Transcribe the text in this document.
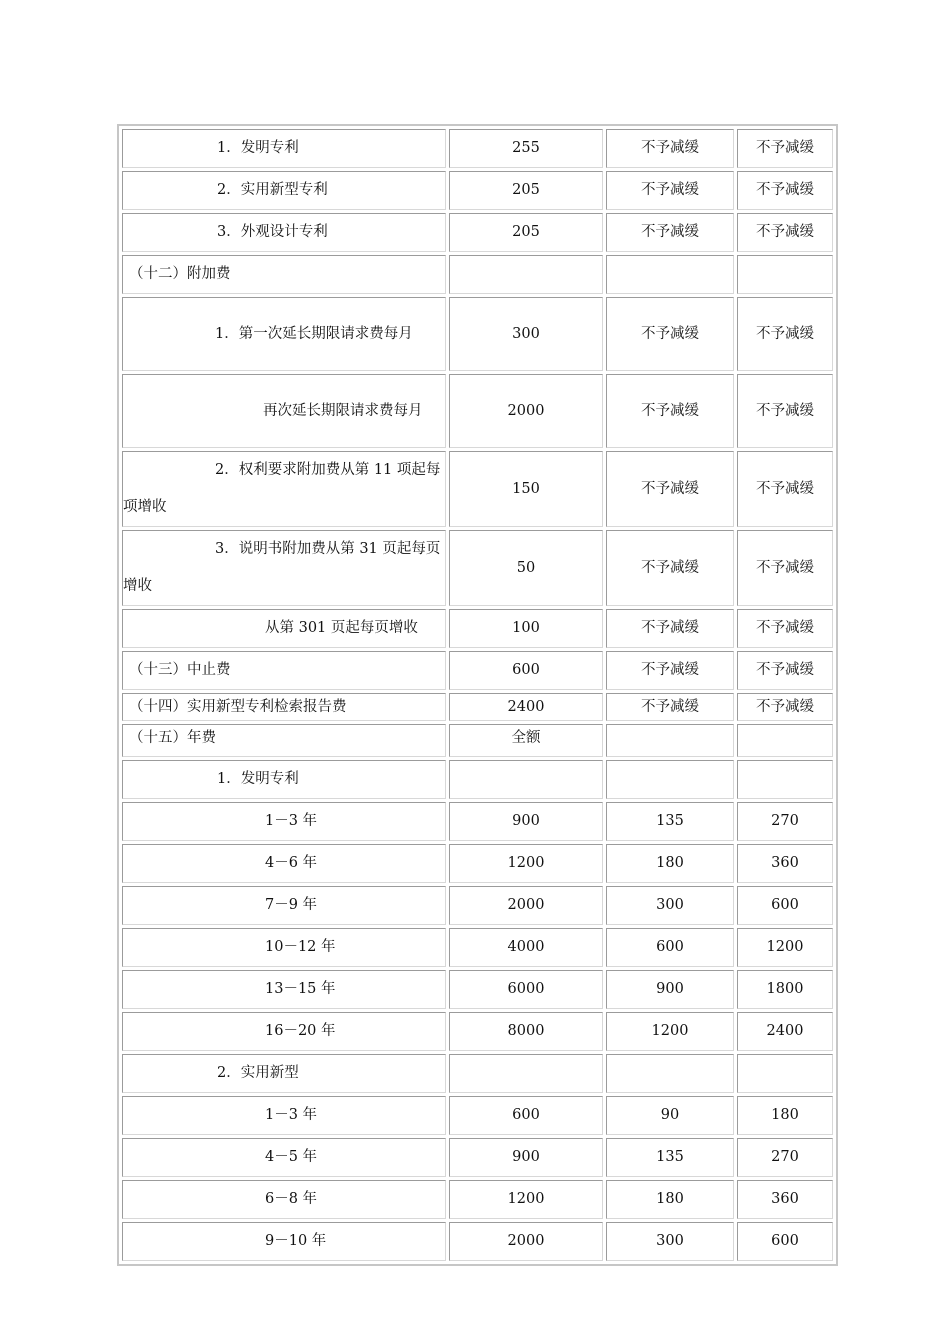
1．发明专利	255	不予减缓	不予减缓
2．实用新型专利	205	不予减缓	不予减缓
3．外观设计专利	205	不予减缓	不予减缓
（十二）附加费			
1．第一次延长期限请求费每月	300	不予减缓	不予减缓
再次延长期限请求费每月	2000	不予减缓	不予减缓
2．权利要求附加费从第 11 项起每项增收	150	不予减缓	不予减缓
3．说明书附加费从第 31 页起每页增收	50	不予减缓	不予减缓
从第 301 页起每页增收	100	不予减缓	不予减缓
（十三）中止费	600	不予减缓	不予减缓
（十四）实用新型专利检索报告费	2400	不予减缓	不予减缓
（十五）年费	全额		
1．发明专利			
1－3 年	900	135	270
4－6 年	1200	180	360
7－9 年	2000	300	600
10－12 年	4000	600	1200
13－15 年	6000	900	1800
16－20 年	8000	1200	2400
2．实用新型			
1－3 年	600	90	180
4－5 年	900	135	270
6－8 年	1200	180	360
9－10 年	2000	300	600
